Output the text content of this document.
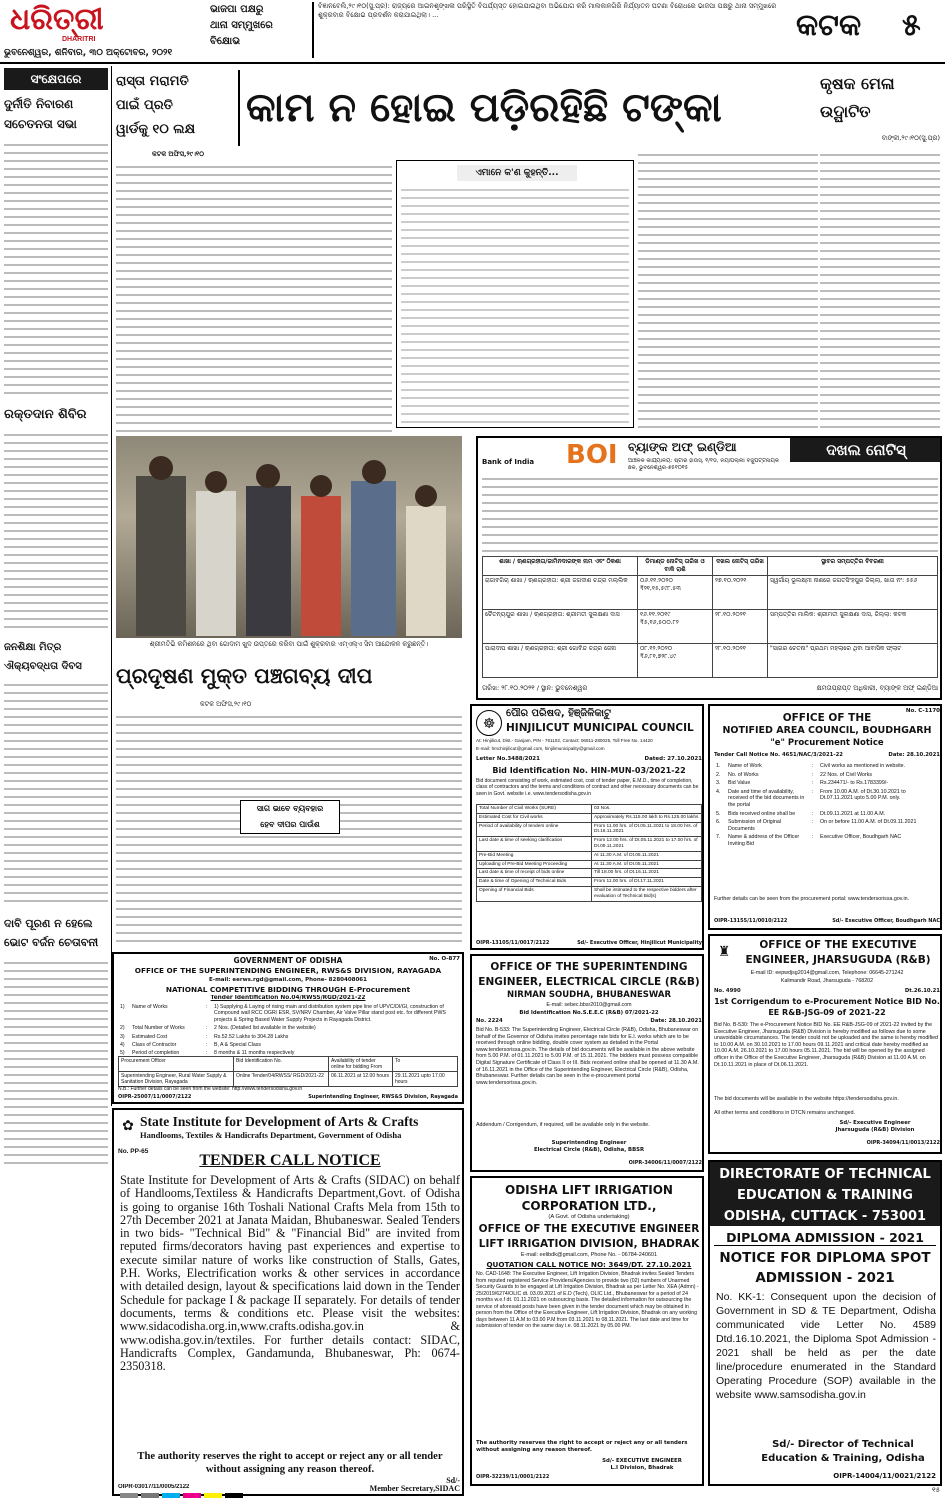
ଧରିତ୍ରୀ
DHARITRI
ଭୁବନେଶ୍ୱର, ଶନିବାର, ୩୦ ଅକ୍ଟୋବର, ୨୦୨୧
ଭାଜପା ପକ୍ଷରୁ
ଥାନା ସମ୍ମୁଖରେ
ବିକ୍ଷୋଭ
ବିଜ୍ଞାନବେଲି,୨୯।୧୦(ସୁ.ପ୍ର): ରାଜ୍ୟରେ ଆଇନଶୃଙ୍ଖଳା ପରିସ୍ଥିତି ବିପର୍ଯ୍ୟସ୍ତ ହୋଇଯାଇଥିବା ଅଭିଯୋଗ କରି ମାଲକାନଗିରି ନିର୍ଯ୍ୟାତନ ଘଟଣା ବିରୋଧରେ ଭାଜପା ପକ୍ଷରୁ ଥାନା ସମ୍ମୁଖରେ ଶୁକ୍ରବାର ବିକ୍ଷୋଭ ପ୍ରଦର୍ଶନ କରାଯାଇଥିଲା। ...	କଟକ ୫
ସଂକ୍ଷେପରେ
ଦୁର୍ନୀତି ନିବାରଣ
ସଚେତନତା ସଭା
ରକ୍ତଦାନ ଶିବିର
ଜନଶିକ୍ଷା ମିତ୍ର
ଐକ୍ୟବଦ୍ଧତା ଦିବସ
ଦାବି ପୂରଣ ନ ହେଲେ
ଭୋଟ ବର୍ଜନ ଚେତାବନୀ
ରାସ୍ତା ମରାମତି
ପାଇଁ ପ୍ରତି
ୱାର୍ଡକୁ ୧୦ ଲକ୍ଷ	କାମ ନ ହୋଇ ପଡ଼ିରହିଛି ଟଙ୍କା
କଟକ ଅଫିସ,୨୯।୧୦
ଏମାନେ କ'ଣ କୁହନ୍ତି...
କୃଷକ ମେଳା
ଉଦ୍ଘାଟିତ
ବାଙ୍କୀ,୨୯।୧୦(ସୁ.ପ୍ର)
ଶ୍ରୀମତିଭି କମିଶନରେ ଥିବା ଗୋଦାମ ଖୁଦ ଉପ୍ତରେ କରିବା ପାଇଁ ଶୁକ୍ରବାର ଏମ୍ଏଲ୍ଏ ସିମ ଆନ୍ଦୋଳନ କରୁଛନ୍ତି।
ପ୍ରଦୂଷଣ ମୁକ୍ତ ପଞ୍ଚଗବ୍ୟ ଦୀପ
କଟକ ଅଫିସ,୨୯।୧୦
ସାଗ ଭାବେ ବ୍ୟବହାର
ହେବ ଦୀପର ପାଉଁଶ
Bank of India	BOI ବ୍ୟାଙ୍କ ଅଫ୍ ଇଣ୍ଡିଆ
ଆଞ୍ଚଳିକ କାର୍ଯ୍ୟାଳୟ: ଷ୍ଟାର ହାଉସ୍, ୧/୧ଡି, ନୟାପଲ୍ଲୀ ବିଜୁପଟ୍ଟନାୟକ ଛକ, ଭୁବନେଶ୍ୱର-୭୫୧୦୧୫
ଦଖଲ ନୋଟିସ୍
ଶାଖା / ଋଣଗ୍ରହୀତା/ଜାମିନଦାରଙ୍କ ନାମ ଏବଂ ଠିକଣା	ଡିମାଣ୍ଡ ନୋଟିସ୍ ତାରିଖ ଓ ବାକି ରାଶି	ଦଖଲ ନୋଟିସ୍ ତାରିଖ	ସ୍ଥାବର ସମ୍ପତ୍ତିର ବିବରଣୀ
ରାଜାବଗିଚା ଶାଖା / ଋଣଗ୍ରହୀତା: ଶ୍ରୀ ଜଗଦୀଶ ଚନ୍ଦ୍ର ମଲ୍ଲିକ	୦୬.୧୧.୨୦୨୦ ₹୨୧,୧୫,୫୯୮.୫୩	୨୭.୧୦.୨୦୨୧	ସ୍ୱର୍ଗୀୟ ଭୂଲକ୍ଷ୍ମୀ ନାଶରେ ଜଗତସିଂହପୁର ଜିଲ୍ଲା, ଖାତା ନଂ: ୫୫୬
ଚୈତନ୍ୟପୁର ଶାଖା / ଋଣଗ୍ରହୀତା: ଶ୍ରୀମତୀ ସୁଲକ୍ଷଣା ଦାସ	୧୬.୧୧.୨୦୧୯ ₹୫,୧୬,୫୦୦.୮୨	୨୮.୧୦.୨୦୨୧	ସମ୍ପତ୍ତିର ମାଲିକ: ଶ୍ରୀମତୀ ସୁଲକ୍ଷଣା ଦାସ, ଜିଲ୍ଲା: କଟକ
ପାରାଦୀପ ଶାଖା / ଋଣଗ୍ରହୀତା: ଶ୍ରୀ ଗୋବିନ୍ଦ ଚନ୍ଦ୍ର ଜେନା	୦୮.୧୨.୨୦୨୦ ₹୬,୮୧,୭୨୮.୪୯	୨୮.୧୦.୨୦୨୧	"ସାଗର ଚେତନା" ପ୍ରଥମ ମହଲାରେ ଥିବା ଆବାସିକ ଫ୍ଲାଟ
ତାରିଖ: ୨୮.୧୦.୨୦୨୧ / ସ୍ଥାନ: ଭୁବନେଶ୍ୱର	କ୍ଷମତାପ୍ରାପ୍ତ ଅଧିକାରୀ, ବ୍ୟାଙ୍କ ଅଫ୍ ଇଣ୍ଡିଆ
☸
ପୌର ପରିଷଦ, ହିଞ୍ଜିଳିକାଟୁ
HINJILICUT MUNICIPAL COUNCIL
At: Hinjilicut, Dist.- Ganjam, PIN - 761102, Contact: 06811-280025, Toll Free No. 14420
E-mail: hmchinjilicut@gmail.com, hinjilimunicipality@gmail.com
Letter No.3488/2021	Dated: 27.10.2021
Bid Identification No. HIN-MUN-03/2021-22
Bid document consisting of work, estimated cost, cost of tender paper, E.M.D., time of completion, class of contractors and the terms and conditions of contract and other necessary documents can be seen in Govt. website i.e. www.tendersodisha.gov.in
Total Number of Civil Works (SURE)	03 Nos.
Estimated Cost for Civil works	Approximately Rs.115.00 lakh to Rs.125.00 lakhs
Period of availability of tenders online	From 11.00 hrs. of Dt.05.11.2021 to 18.00 hrs. of Dt.16.11.2021
Last date & time of seeking clarification	From 12.00 hrs. of Dt.05.11.2021 to 17.00 hrs. of Dt.09.11.2021
Pre-Bid Meeting	At 11.30 A.M. of Dt.05.11.2021
Uploading of Pre-Bid Meeting Proceeding	At 11.30 A.M. of Dt.05.11.2021
Last date & time of receipt of bids online	Till 18.00 hrs. of Dt.16.11.2021
Date & time of Opening of Technical Bids	From 11.00 hrs. of Dt.17.11.2021
Opening of Financial Bids	Shall be intimated to the respective bidders after evaluation of Technical Bid(s)
OIPR-13105/11/0017/2122	Sd/- Executive Officer, Hinjilicut Municipality
No. C-1170
OFFICE OF THE
NOTIFIED AREA COUNCIL, BOUDHGARH
"e" Procurement Notice
Tender Call Notice No. 4651/NAC/3/2021-22	Date: 28.10.2021
1.	Name of Work	:	Civil works as mentioned in website.
2.	No. of Works	:	22 Nos. of Civil Works
3.	Bid Value	:	Rs.234471/- to Rs.1783399/-
4.	Date and time of availability, received of the bid documents in the portal	:	From 10.00 A.M. of Dt.30.10.2021 to Dt.07.11.2021 upto 5.00 P.M. only.
5.	Bids received online shall be	:	Dt.09.11.2021 at 11.00 A.M.
6.	Submission of Original Documents	:	On or before 11.00 A.M. of Dt.09.11.2021
7.	Name & address of the Officer Inviting Bid	:	Executive Officer, Boudhgarh NAC
Further details can be seen from the procurement portal: www.tendersorissa.gov.in.
OIPR-13155/11/0010/2122	Sd/- Executive Officer, Boudhgarh NAC
GOVERNMENT OF ODISHA	No. O-877
OFFICE OF THE SUPERINTENDING ENGINEER, RWS&S DIVISION, RAYAGADA
E-mail: eerws.rgd@gmail.com, Phone- 8280408061
NATIONAL COMPETITIVE BIDDING THROUGH E-Procurement
Tender Identification No.04/RWSS/RGD/2021-22
1)	Name of Works	:	1) Supplying & Laying of rising main and distribution system pipe line of UPVC/DI/GI, construction of Compound wall RCC OGR/ ESR, SV/NRV Chamber, Air Valve Pillar stand post etc. for different PWS projects & Spring Based Water Supply Projects in Rayagada District.
2)	Total Number of Works	:	2 Nos. (Detailed list available in the website)
3)	Estimated Cost	:	Rs.52.52 Lakhs to 304.28 Lakhs
4)	Class of Contractor	:	B, A & Special Class
5)	Period of completion	:	8 months & 11 months respectively
Procurement Officer	Bid Identification No.	Availability of tender online for bidding From	To
Superintending Engineer, Rural Water Supply & Sanitation Division, Rayagada	Online Tender/04/RWSS/ RGD/2021-22	06.11.2021 at 12.00 hours	29.11.2021 upto 17.00 hours
N.B.: Further details can be seen from the website: http://www.tendersodisha.gov.in
OIPR-25007/11/0007/2122	Superintending Engineer, RWS&S Division, Rayagada
OFFICE OF THE SUPERINTENDING ENGINEER, ELECTRICAL CIRCLE (R&B)
NIRMAN SOUDHA, BHUBANESWAR
E-mail: sebec.bbsr2010@gmail.com
Bid Identification No.S.E.E.C (R&B) 07/2021-22
No. 2224	Date: 28.10.2021
Bid No. B-533: The Superintending Engineer, Electrical Circle (R&B), Odisha, Bhubaneswar on behalf of the Governor of Odisha invites percentage rate bids for E.I. works which are to be received through online bidding, double cover system as detailed in the Portal www.tendersorissa.gov.in. The details of bid documents will be available in the above website from 5.00 P.M. of 01.11.2021 to 5.00 P.M. of 15.11.2021. The bidders must possess compatible Digital Signature Certificate of Class II or III. Bids received online shall be opened at 11.30 A.M. of 16.11.2021 in the Office of the Superintending Engineer, Electrical Circle (R&B), Odisha, Bhubaneswar. Further details can be seen in the e-procurement portal www.tendersorissa.gov.in.
Addendum / Corrigendum, if required, will be available only in the website.
Superintending Engineer
Electrical Circle (R&B), Odisha, BBSR
OIPR-34006/11/0007/2122
♜	OFFICE OF THE EXECUTIVE ENGINEER, JHARSUGUDA (R&B)
E-mail ID: eepwdjsg2014@gmail.com, Telephone: 06645-271242
Kalimandir Road, Jharsuguda - 768202
No. 4990	Dt.26.10.21
1st Corrigendum to e-Procurement Notice BID No. EE R&B-JSG-09 of 2021-22
Bid No. B-530: The e-Procurement Notice BID No. EE R&B-JSG-09 of 2021-22 invited by the Executive Engineer, Jharsuguda (R&B) Division is hereby modified as follows due to some unavoidable circumstances. The tender could not be uploaded and the same is hereby modified to 10.00 A.M. on 30.10.2021 to 17.00 hours 09.11.2021 and critical date hereby modified as 10.00 A.M. 26.10.2021 to 17.00 hours 05.11.2021. The bid will be opened by the assigned officer in the Office of the Executive Engineer, Jharsuguda (R&B) Division at 11.00 A.M. on Dt.10.11.2021 in place of Dt.06.11.2021.
The bid documents will be available in the website https://tendersodisha.gov.in.
All other terms and conditions in DTCN remains unchanged.
Sd/- Executive Engineer
Jharsuguda (R&B) Division
OIPR-34094/11/0013/2122
✿ State Institute for Development of Arts & Crafts
Handlooms, Textiles & Handicrafts Department, Government of Odisha
No. PP-65
TENDER CALL NOTICE
State Institute for Development of Arts & Crafts (SIDAC) on behalf of Handlooms,Textiless & Handicrafts Department,Govt. of Odisha is going to organise 16th Toshali National Crafts Mela from 15th to 27th December 2021 at Janata Maidan, Bhubaneswar. Sealed Tenders in two bids- "Technical Bid" & "Financial Bid" are invited from reputed firms/decorators having past experiences and expertise to execute similar nature of works like construction of Stalls, Gates, P.H. Works, Electrification works & other services in accordance with detailed design, layout & specifications laid down in the Tender Schedule for package I & package II separately. For details of tender documents, terms & conditions etc. Please visit the websites: www.sidacodisha.org.in,www.crafts.odisha.gov.in & www.odisha.gov.in/textiles. For further details contact: SIDAC, Handicrafts Complex, Gandamunda, Bhubaneswar, Ph: 0674-2350318.
The authority reserves the right to accept or reject any or all tender without assigning any reason thereof.
Sd/-
OIPR-03017/11/0005/2122	Member Secretary,SIDAC
ODISHA LIFT IRRIGATION CORPORATION LTD.,
(A Govt. of Odisha undertaking)
OFFICE OF THE EXECUTIVE ENGINEER LIFT IRRIGATION DIVISION, BHADRAK
E-mail: eelibdk@gmail.com, Phone No. - 06784-240601
QUOTATION CALL NOTICE NO: 3649/DT. 27.10.2021
No. CAD-1648: The Executive Engineer, Lift Irrigation Division, Bhadrak invites Sealed Tenders from reputed registered Service Providers/Agencies to provide two (02) numbers of Unarmed Security Guards to be engaged at Lift Irrigation Division, Bhadrak as per Letter No. XEA (Admn) - 25/2019/6274/OLIC dt. 03.09.2021 of E.D (Tech), OLIC Ltd., Bhubaneswar for a period of 24 months w.e.f dt. 01.11.2021 on outsourcing basis. The detailed information for outsourcing the service of aforesaid posts have been given in the tender document which may be obtained in person from the Office of the Executive Engineer, Lift Irrigation Division, Bhadrak on any working days between 11 A.M to 03.00 P.M from 03.11.2021 to 08.11.2021. The last date and time for submission of tender on the same day i.e. 08.11.2021 by 05.00 PM.
The authority reserves the right to accept or reject any or all tenders without assigning any reason thereof.
Sd/- EXECUTIVE ENGINEER
L.I Division, Bhadrak
OIPR-32239/11/0001/2122
DIRECTORATE OF TECHNICAL EDUCATION & TRAINING ODISHA, CUTTACK - 753001
DIPLOMA ADMISSION - 2021
NOTICE FOR DIPLOMA SPOT ADMISSION - 2021
No. KK-1: Consequent upon the decision of Government in SD & TE Department, Odisha communicated vide Letter No. 4589 Dtd.16.10.2021, the Diploma Spot Admission - 2021 shall be held as per the date line/procedure enumerated in the Standard Operating Procedure (SOP) available in the website www.samsodisha.gov.in
Sd/- Director of Technical Education & Training, Odisha
OIPR-14004/11/0021/2122
୧୫
